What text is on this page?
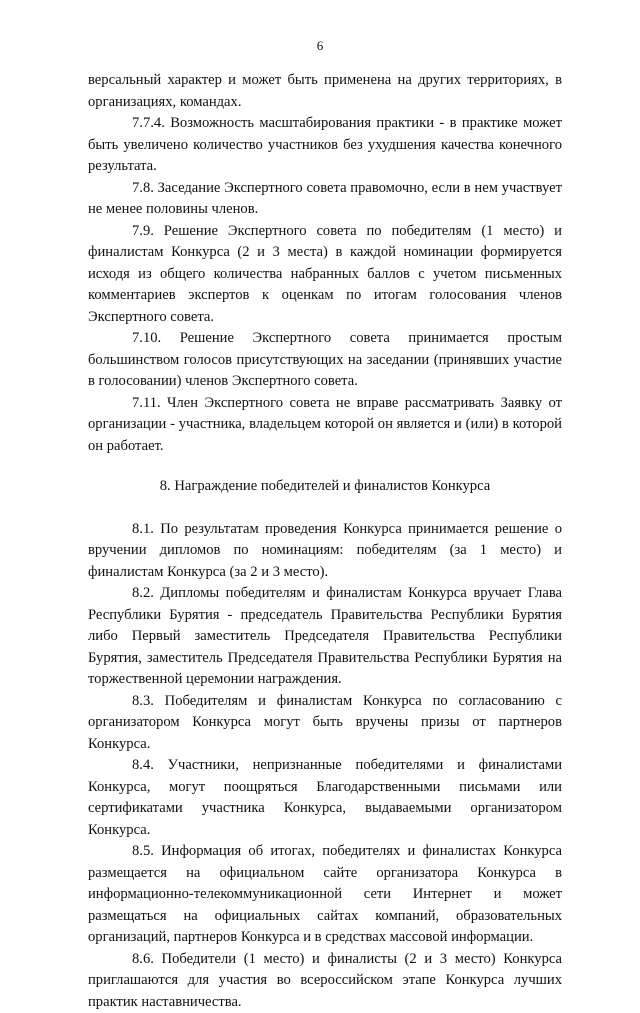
6

версальный характер и может быть применена на других территориях, в организациях, командах.

7.7.4. Возможность масштабирования практики - в практике может быть увеличено количество участников без ухудшения качества конечного результата.

7.8. Заседание Экспертного совета правомочно, если в нем участвует не менее половины членов.

7.9. Решение Экспертного совета по победителям (1 место) и финалистам Конкурса (2 и 3 места) в каждой номинации формируется исходя из общего количества набранных баллов с учетом письменных комментариев экспертов к оценкам по итогам голосования членов Экспертного совета.

7.10. Решение Экспертного совета принимается простым большинством голосов присутствующих на заседании (принявших участие в голосовании) членов Экспертного совета.

7.11. Член Экспертного совета не вправе рассматривать Заявку от организации - участника, владельцем которой он является и (или) в которой он работает.

8. Награждение победителей и финалистов Конкурса

8.1. По результатам проведения Конкурса принимается решение о вручении дипломов по номинациям: победителям (за 1 место) и финалистам Конкурса (за 2 и 3 место).

8.2. Дипломы победителям и финалистам Конкурса вручает Глава Республики Бурятия - председатель Правительства Республики Бурятия либо Первый заместитель Председателя Правительства Республики Бурятия, заместитель Председателя Правительства Республики Бурятия на торжественной церемонии награждения.

8.3. Победителям и финалистам Конкурса по согласованию с организатором Конкурса могут быть вручены призы от партнеров Конкурса.

8.4. Участники, непризнанные победителями и финалистами Конкурса, могут поощряться Благодарственными письмами или сертификатами участника Конкурса, выдаваемыми организатором Конкурса.

8.5. Информация об итогах, победителях и финалистах Конкурса размещается на официальном сайте организатора Конкурса в информационно-телекоммуникационной сети Интернет и может размещаться на официальных сайтах компаний, образовательных организаций, партнеров Конкурса и в средствах массовой информации.

8.6. Победители (1 место) и финалисты (2 и 3 место) Конкурса приглашаются для участия во всероссийском этапе Конкурса лучших практик наставничества.
